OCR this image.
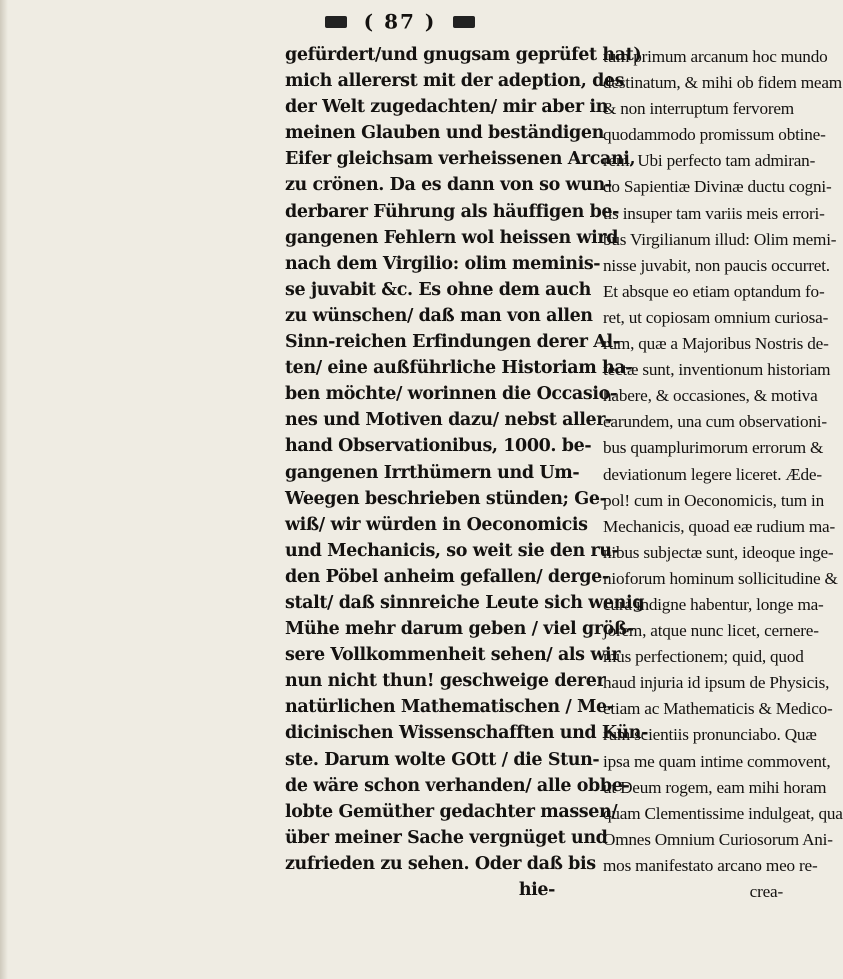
( 87 )
gefürdert/und gnugsam geprüfet hat)
mich allererst mit der adeption, des
der Welt zugedachten/ mir aber in
meinen Glauben und beständigen
Eifer gleichsam verheissenen Arcani,
zu crönen. Da es dann von so wun-
derbarer Führung als häuffigen be-
gangenen Fehlern wol heissen wird
nach dem Virgilio: olim meminis-
se juvabit &c. Es ohne dem auch
zu wünschen/ daß man von allen
Sinn-reichen Erfindungen derer Al-
ten/ eine außführliche Historiam ha-
ben möchte/ worinnen die Occasio-
nes und Motiven dazu/ nebst aller-
hand Observationibus, 1000. be-
gangenen Irrthümern und Um-
Weegen beschrieben stünden; Ge-
wiß/ wir würden in Oeconomicis
und Mechanicis, so weit sie den ru-
den Pöbel anheim gefallen/ derge-
stalt/ daß sinnreiche Leute sich wenig
Mühe mehr darum geben / viel größ-
sere Vollkommenheit sehen/ als wir
nun nicht thun! geschweige derer
natürlichen Mathematischen / Me-
dicinischen Wissenschafften und Kün-
ste. Darum wolte GOtt / die Stun-
de wäre schon verhanden/ alle obbe-
lobte Gemüther gedachter massen/
über meiner Sache vergnüget und
zufrieden zu sehen. Oder daß bis
hie-
tum primum arcanum hoc mundo
destinatum, & mihi ob fidem meam
& non interruptum fervorem
quodammodo promissum obtine-
rem. Ubi perfecto tam admiran-
do Sapientiæ Divinæ ductu cogni-
tis insuper tam variis meis errori-
bus Virgilianum illud: Olim memi-
nisse juvabit, non paucis occurret.
Et absque eo etiam optandum fo-
ret, ut copiosam omnium curiosa-
rum, quæ a Majoribus Nostris de-
tectæ sunt, inventionum historiam
habere, & occasiones, & motiva
earundem, una cum observationi-
bus quamplurimorum errorum &
deviationum legere liceret. Æde-
pol! cum in Oeconomicis, tum in
Mechanicis, quoad eæ rudium ma-
nibus subjectæ sunt, ideoque inge-
nioforum hominum sollicitudine &
cura indigne habentur, longe ma-
jorem, atque nunc licet, cernere-
mus perfectionem; quid, quod
haud injuria id ipsum de Physicis,
etiam ac Mathematicis & Medico-
rum scientiis pronunciabo. Quæ
ipsa me quam intime commovent,
ut Deum rogem, eam mihi horam
quam Clementissime indulgeat, qua
Omnes Omnium Curiosorum Ani-
mos manifestato arcano meo re-
crea-
